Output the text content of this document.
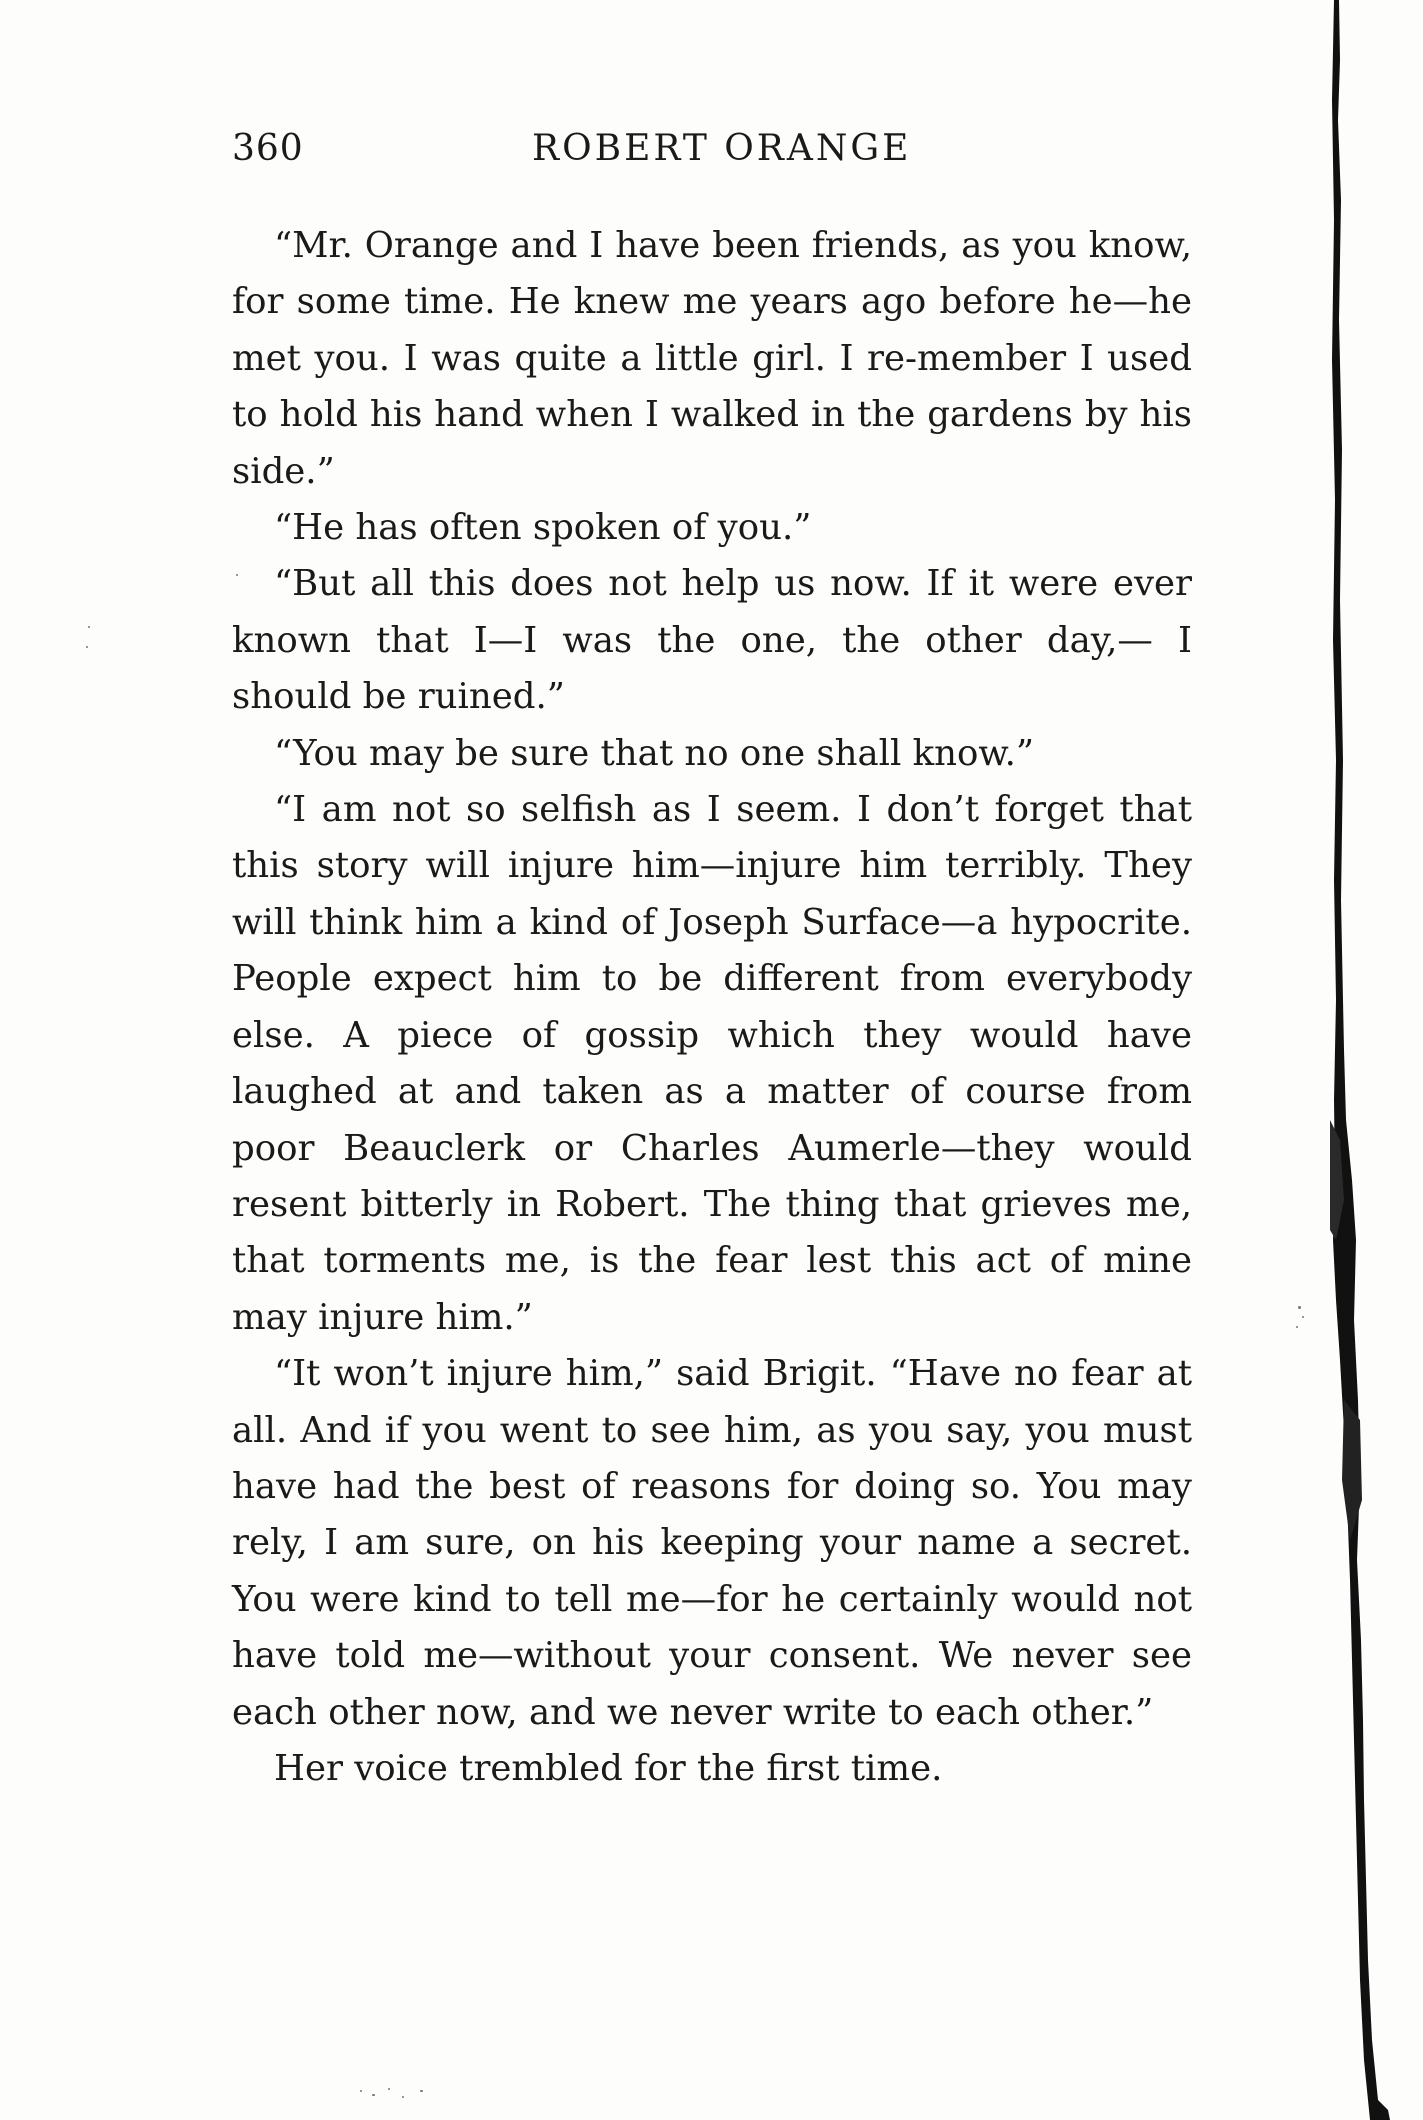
360	ROBERT ORANGE

“Mr. Orange and I have been friends, as you know, for some time. He knew me years ago before he—he met you. I was quite a little girl. I re-member I used to hold his hand when I walked in the gardens by his side.”

“He has often spoken of you.”

“But all this does not help us now. If it were ever known that I—I was the one, the other day,— I should be ruined.”

“You may be sure that no one shall know.”

“I am not so selfish as I seem. I don’t forget that this story will injure him—injure him terribly. They will think him a kind of Joseph Surface—a hypocrite. People expect him to be different from everybody else. A piece of gossip which they would have laughed at and taken as a matter of course from poor Beauclerk or Charles Aumerle—they would resent bitterly in Robert. The thing that grieves me, that torments me, is the fear lest this act of mine may injure him.”

“It won’t injure him,” said Brigit. “Have no fear at all. And if you went to see him, as you say, you must have had the best of reasons for doing so. You may rely, I am sure, on his keeping your name a secret. You were kind to tell me—for he certainly would not have told me—without your consent. We never see each other now, and we never write to each other.”

Her voice trembled for the first time.
